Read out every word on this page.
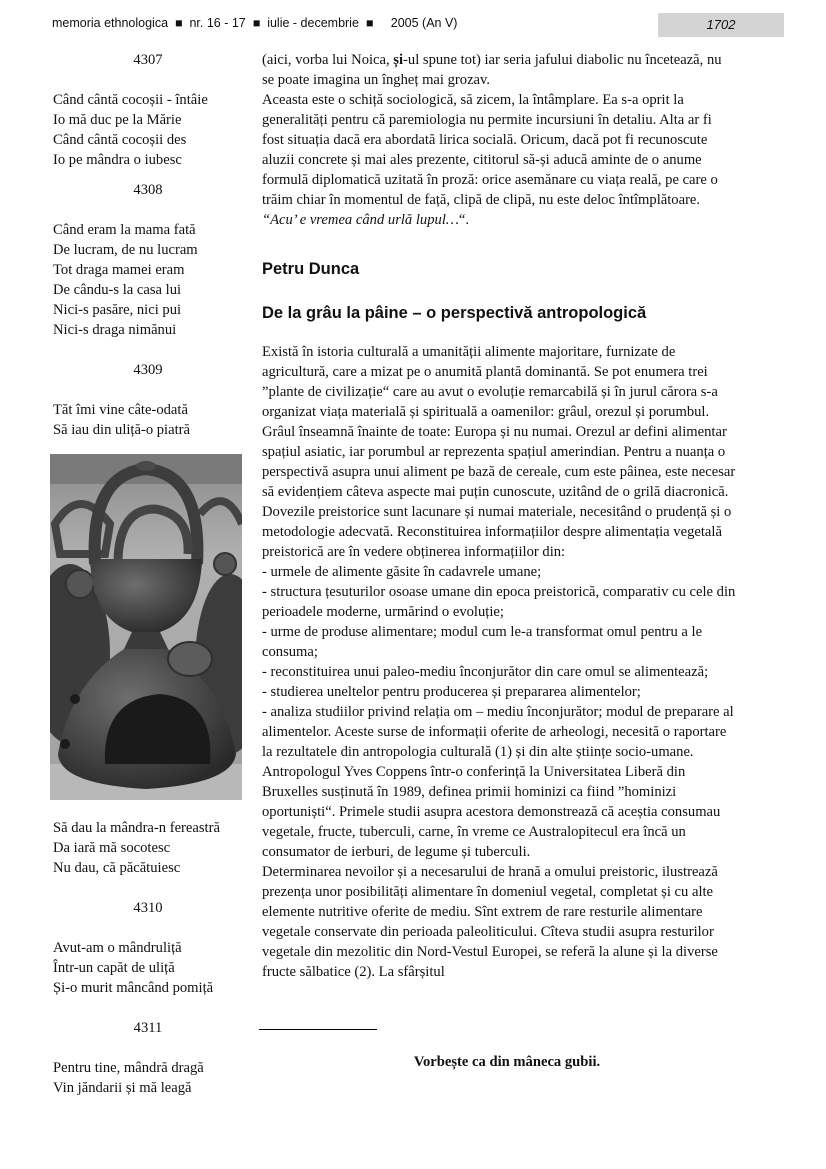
memoria ethnologica  ■  nr. 16 - 17  ■  iulie - decembrie  ■     2005 (An V)	1702
4307
Când cântă cocoșii - întâie
Io mă duc pe la Mărie
Când cântă cocoșii des
Io pe mândra o iubesc
4308
Când eram la mama fată
De lucram, de nu lucram
Tot draga mamei eram
De cându-s la casa lui
Nici-s pasăre, nici pui
Nici-s draga nimănui
4309
Tăt îmi vine câte-odată
Să iau din uliță-o piatră
Să dau la mândra-n fereastră
Da iară mă socotesc
Nu dau, că păcătuiesc
4310
Avut-am o mândruliță
Într-un capăt de uliță
Și-o murit mâncând pomiță
4311
Pentru tine, mândră dragă
Vin jăndarii și mă leagă

(aici, vorba lui Noica, și-ul spune tot) iar seria jafului diabolic nu încetează, nu se poate imagina un îngheț mai grozav.

Aceasta este o schiță sociologică, să zicem, la întâmplare. Ea s-a oprit la generalități pentru că paremiologia nu permite incursiuni în detaliu. Alta ar fi fost situația dacă era abordată lirica socială. Oricum, dacă pot fi recunoscute aluzii concrete și mai ales prezente, cititorul să-și aducă aminte de o anume formulă diplomatică uzitată în proză: orice asemănare cu viața reală, pe care o trăim chiar în momentul de față, clipă de clipă, nu este deloc întîmplătoare. “Acu’ e vremea când urlă lupul…“.

Petru Dunca
De la grâu la pâine – o perspectivă antropologică

Există în istoria culturală a umanității alimente majoritare, furnizate de agricultură, care a mizat pe o anumită plantă dominantă. Se pot enumera trei ”plante de civilizație“ care au avut o evoluție remarcabilă și în jurul cărora s-a organizat viața materială și spirituală a oamenilor: grâul, orezul și porumbul. Grâul înseamnă înainte de toate: Europa și nu numai. Orezul ar defini alimentar spațiul asiatic, iar porumbul ar reprezenta spațiul amerindian. Pentru a nuanța o perspectivă asupra unui aliment pe bază de cereale, cum este pâinea, este necesar să evidențiem câteva aspecte mai puțin cunoscute, uzitând de o grilă diacronică.

Dovezile preistorice sunt lacunare și numai materiale, necesitând o prudență și o metodologie adecvată. Reconstituirea informațiilor despre alimentația vegetală preistorică are în vedere obținerea informațiilor din:

- urmele de alimente găsite în cadavrele umane;

- structura țesuturilor osoase umane din epoca preistorică, comparativ cu cele din perioadele moderne, urmărind o evoluție;

- urme de produse alimentare; modul cum le-a transformat omul pentru a le consuma;

- reconstituirea unui paleo-mediu înconjurător din care omul se alimentează;

- studierea uneltelor pentru producerea și prepararea alimentelor;

- analiza studiilor privind relația om – mediu înconjurător; modul de preparare al alimentelor. Aceste surse de informații oferite de arheologi, necesită o raportare la rezultatele din antropologia culturală (1) și din alte științe socio-umane.

Antropologul Yves Coppens într-o conferință la Universitatea Liberă din Bruxelles susținută în 1989, definea primii hominizi ca fiind ”hominizi oportuniști“. Primele studii asupra acestora demonstrează că aceștia consumau vegetale, fructe, tuberculi, carne, în vreme ce Australopitecul era încă un consumator de ierburi, de legume și tuberculi.

Determinarea nevoilor și a necesarului de hrană a omului preistoric, ilustrează prezența unor posibilități alimentare în domeniul vegetal, completat și cu alte elemente nutritive oferite de mediu. Sînt extrem de rare resturile alimentare vegetale conservate din perioada paleoliticului. Cîteva studii asupra resturilor vegetale din mezolitic din Nord-Vestul Europei, se referă la alune și la diverse fructe sălbatice (2). La sfârșitul

Vorbește ca din mâneca gubii.
